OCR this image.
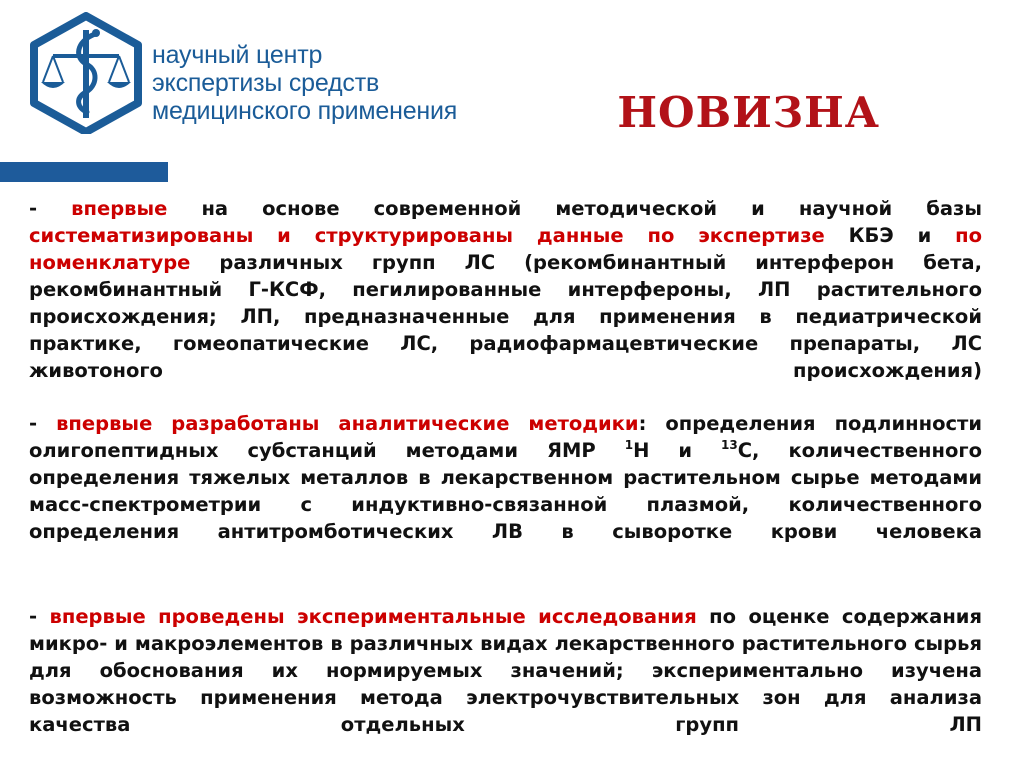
научный центр
экспертизы средств
медицинского применения	НОВИЗНА
- впервые на основе современной методической и научной базы систематизированы и структурированы данные по экспертизе КБЭ и по номенклатуре различных групп ЛС (рекомбинантный интерферон бета, рекомбинантный Г-КСФ, пегилированные интерфероны, ЛП растительного происхождения; ЛП, предназначенные для применения в педиатрической практике, гомеопатические ЛС, радиофармацевтические препараты, ЛС животоного происхождения)
- впервые разработаны аналитические методики: определения подлинности олигопептидных субстанций методами ЯМР $^1$Н и $^{13}$С, количественного определения тяжелых металлов в лекарственном растительном сырье методами масс-спектрометрии с индуктивно-связанной плазмой, количественного определения антитромботических ЛВ в сыворотке крови человека
- впервые проведены экспериментальные исследования по оценке содержания микро- и макроэлементов в различных видах лекарственного растительного сырья для обоснования их нормируемых значений; экспериментально изучена возможность применения метода электрочувствительных зон для анализа качества отдельных групп ЛП
